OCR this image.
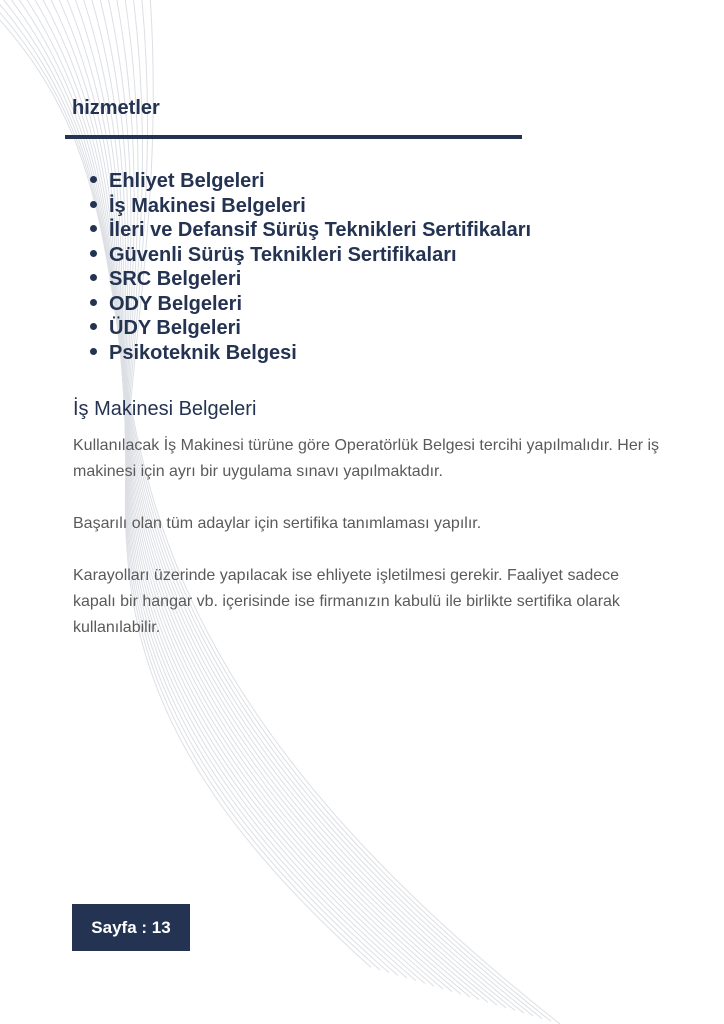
hizmetler
Ehliyet Belgeleri
İş Makinesi Belgeleri
İleri ve Defansif Sürüş Teknikleri Sertifikaları
Güvenli Sürüş Teknikleri Sertifikaları
SRC Belgeleri
ODY Belgeleri
ÜDY Belgeleri
Psikoteknik Belgesi
İş Makinesi Belgeleri

Kullanılacak İş Makinesi türüne göre Operatörlük Belgesi tercihi yapılmalıdır. Her iş makinesi için ayrı bir uygulama sınavı yapılmaktadır.

Başarılı olan tüm adaylar için sertifika tanımlaması yapılır.

Karayolları üzerinde yapılacak ise ehliyete işletilmesi gerekir. Faaliyet sadece kapalı bir hangar vb. içerisinde ise firmanızın kabulü ile birlikte sertifika olarak kullanılabilir.

Sayfa : 13
